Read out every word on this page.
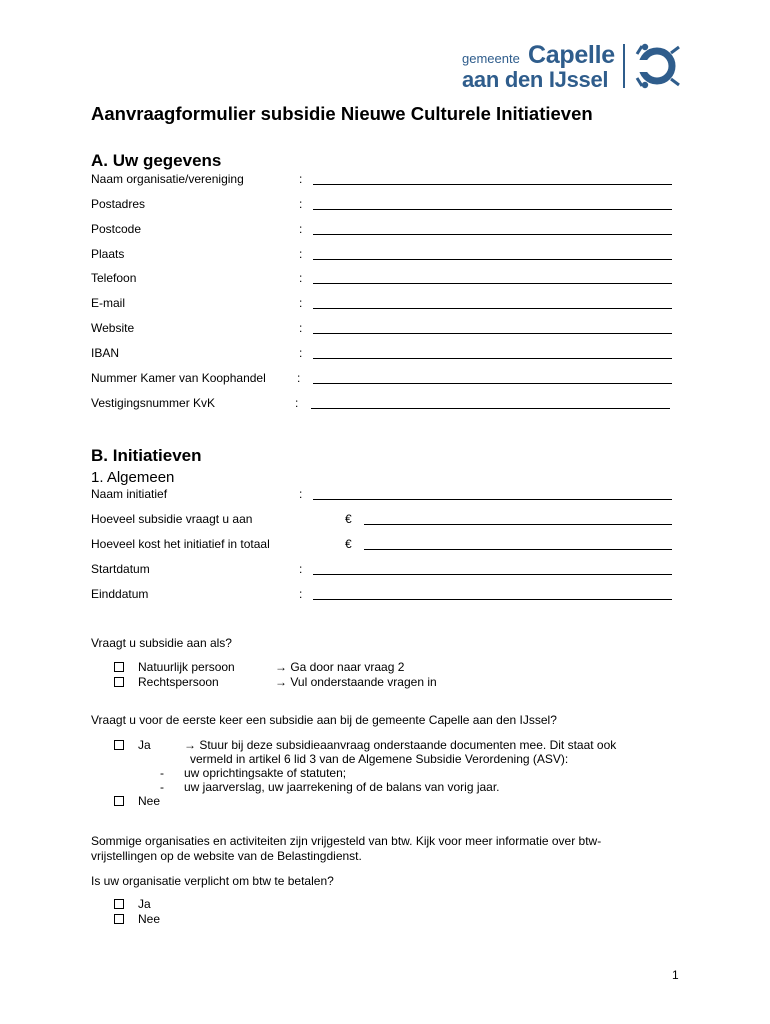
gemeente Capelle
aan den IJssel
Aanvraagformulier subsidie Nieuwe Culturele Initiatieven
A. Uw gegevens
Naam organisatie/vereniging	:
Postadres	:
Postcode	:
Plaats	:
Telefoon	:
E-mail	:
Website	:
IBAN	:
Nummer Kamer van Koophandel	:
Vestigingsnummer KvK	:
B. Initiatieven
1. Algemeen
Naam initiatief	:
Hoeveel subsidie vraagt u aan	€
Hoeveel kost het initiatief in totaal	€
Startdatum	:
Einddatum	:
Vraagt u subsidie aan als?
Natuurlijk persoon	→ Ga door naar vraag 2
Rechtspersoon	→ Vul onderstaande vragen in
Vraagt u voor de eerste keer een subsidie aan bij de gemeente Capelle aan den IJssel?
Ja	→ Stuur bij deze subsidieaanvraag onderstaande documenten mee. Dit staat ook
vermeld in artikel 6 lid 3 van de Algemene Subsidie Verordening (ASV):
- uw oprichtingsakte of statuten;
- uw jaarverslag, uw jaarrekening of de balans van vorig jaar.
Nee
Sommige organisaties en activiteiten zijn vrijgesteld van btw. Kijk voor meer informatie over btw-
vrijstellingen op de website van de Belastingdienst.
Is uw organisatie verplicht om btw te betalen?
Ja
Nee
1
